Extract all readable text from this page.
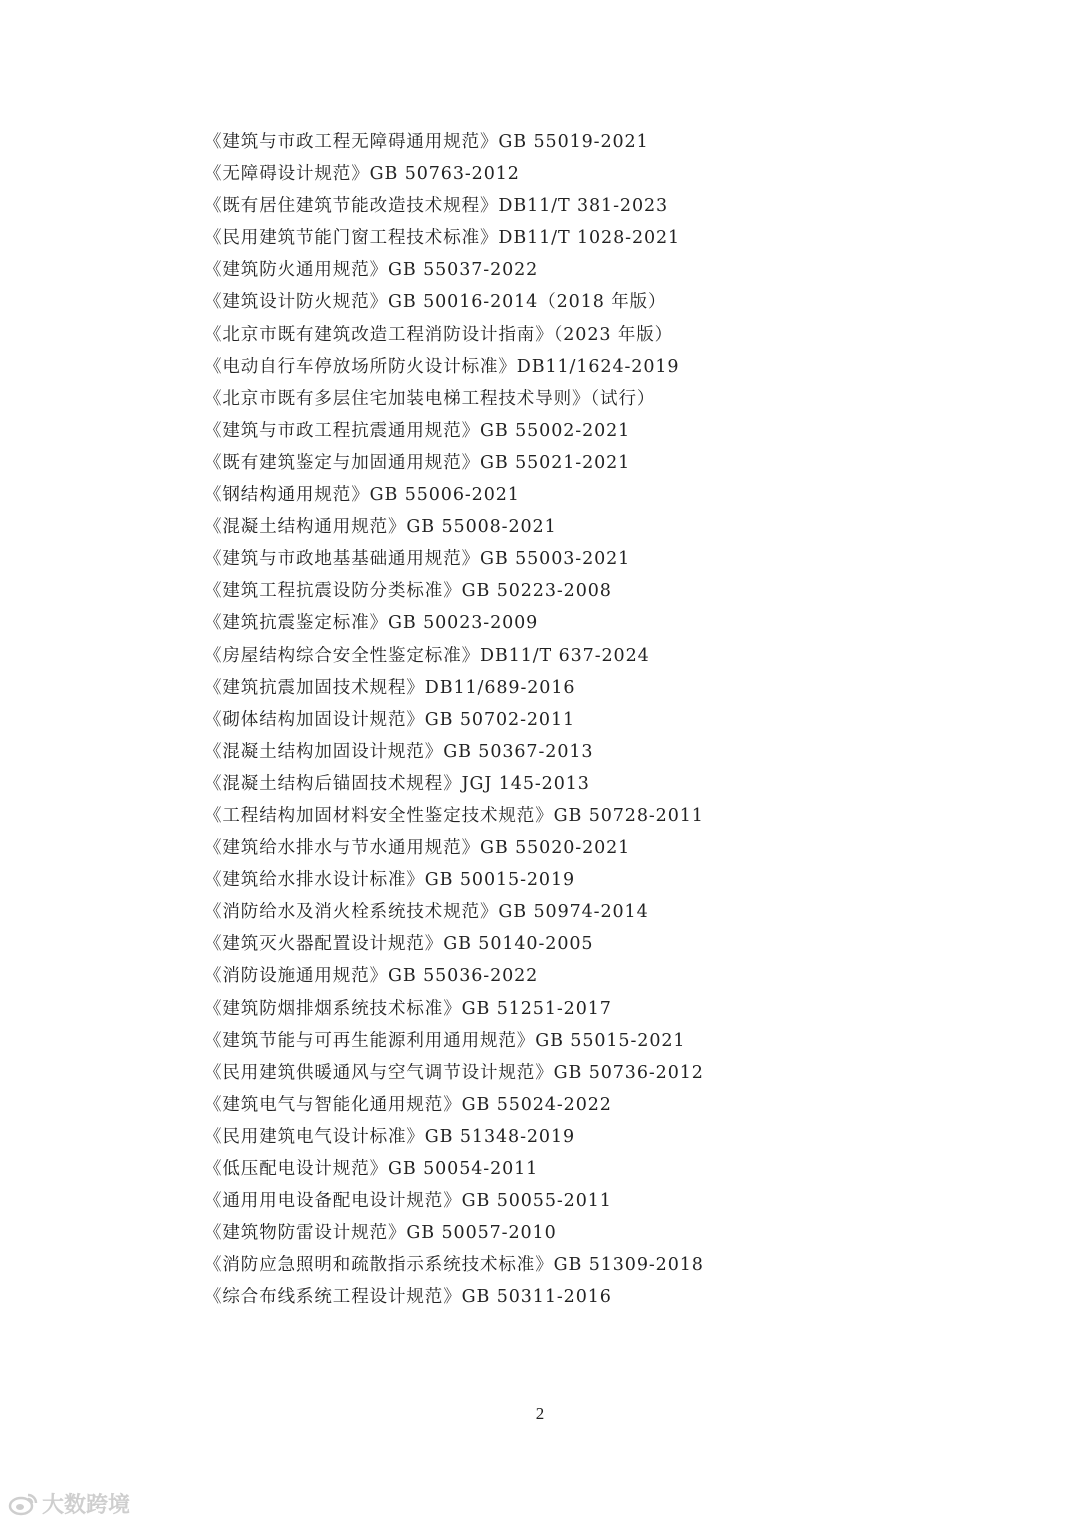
《建筑与市政工程无障碍通用规范》GB 55019-2021
《无障碍设计规范》GB 50763-2012
《既有居住建筑节能改造技术规程》DB11/T 381-2023
《民用建筑节能门窗工程技术标准》DB11/T 1028-2021
《建筑防火通用规范》GB 55037-2022
《建筑设计防火规范》GB 50016-2014（2018 年版）
《北京市既有建筑改造工程消防设计指南》（2023 年版）
《电动自行车停放场所防火设计标准》DB11/1624-2019
《北京市既有多层住宅加装电梯工程技术导则》（试行）
《建筑与市政工程抗震通用规范》GB 55002-2021
《既有建筑鉴定与加固通用规范》GB 55021-2021
《钢结构通用规范》GB 55006-2021
《混凝土结构通用规范》GB 55008-2021
《建筑与市政地基基础通用规范》GB 55003-2021
《建筑工程抗震设防分类标准》GB 50223-2008
《建筑抗震鉴定标准》GB 50023-2009
《房屋结构综合安全性鉴定标准》DB11/T 637-2024
《建筑抗震加固技术规程》DB11/689-2016
《砌体结构加固设计规范》GB 50702-2011
《混凝土结构加固设计规范》GB 50367-2013
《混凝土结构后锚固技术规程》JGJ 145-2013
《工程结构加固材料安全性鉴定技术规范》GB 50728-2011
《建筑给水排水与节水通用规范》GB 55020-2021
《建筑给水排水设计标准》GB 50015-2019
《消防给水及消火栓系统技术规范》GB 50974-2014
《建筑灭火器配置设计规范》GB 50140-2005
《消防设施通用规范》GB 55036-2022
《建筑防烟排烟系统技术标准》GB 51251-2017
《建筑节能与可再生能源利用通用规范》GB 55015-2021
《民用建筑供暖通风与空气调节设计规范》GB 50736-2012
《建筑电气与智能化通用规范》GB 55024-2022
《民用建筑电气设计标准》GB 51348-2019
《低压配电设计规范》GB 50054-2011
《通用用电设备配电设计规范》GB 50055-2011
《建筑物防雷设计规范》GB 50057-2010
《消防应急照明和疏散指示系统技术标准》GB 51309-2018
《综合布线系统工程设计规范》GB 50311-2016
2
大数跨境
